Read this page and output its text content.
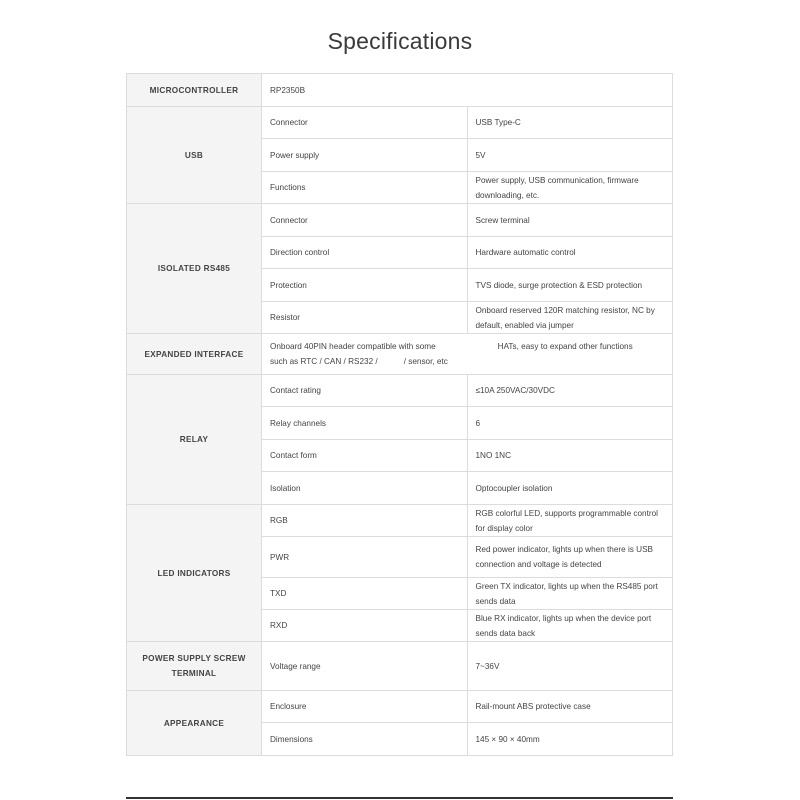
Specifications
MICROCONTROLLER	RP2350B	
USB	Connector	USB Type-C
	Power supply	5V
	Functions	Power supply, USB communication, firmware downloading, etc.
ISOLATED RS485	Connector	Screw terminal
	Direction control	Hardware automatic control
	Protection	TVS diode, surge protection & ESD protection
	Resistor	Onboard reserved 120R matching resistor, NC by default, enabled via jumper
EXPANDED INTERFACE	Onboard 40PIN header compatible with some HATs, easy to expand other functions
such as RTC / CAN / RS232 / / sensor, etc	
RELAY	Contact rating	≤10A 250VAC/30VDC
	Relay channels	6
	Contact form	1NO 1NC
	Isolation	Optocoupler isolation
LED INDICATORS	RGB	RGB colorful LED, supports programmable control for display color
	PWR	Red power indicator, lights up when there is USB connection and voltage is detected
	TXD	Green TX indicator, lights up when the RS485 port sends data
	RXD	Blue RX indicator, lights up when the device port sends data back
POWER SUPPLY SCREW TERMINAL	Voltage range	7~36V
APPEARANCE	Enclosure	Rail-mount ABS protective case
	Dimensions	145 × 90 × 40mm
